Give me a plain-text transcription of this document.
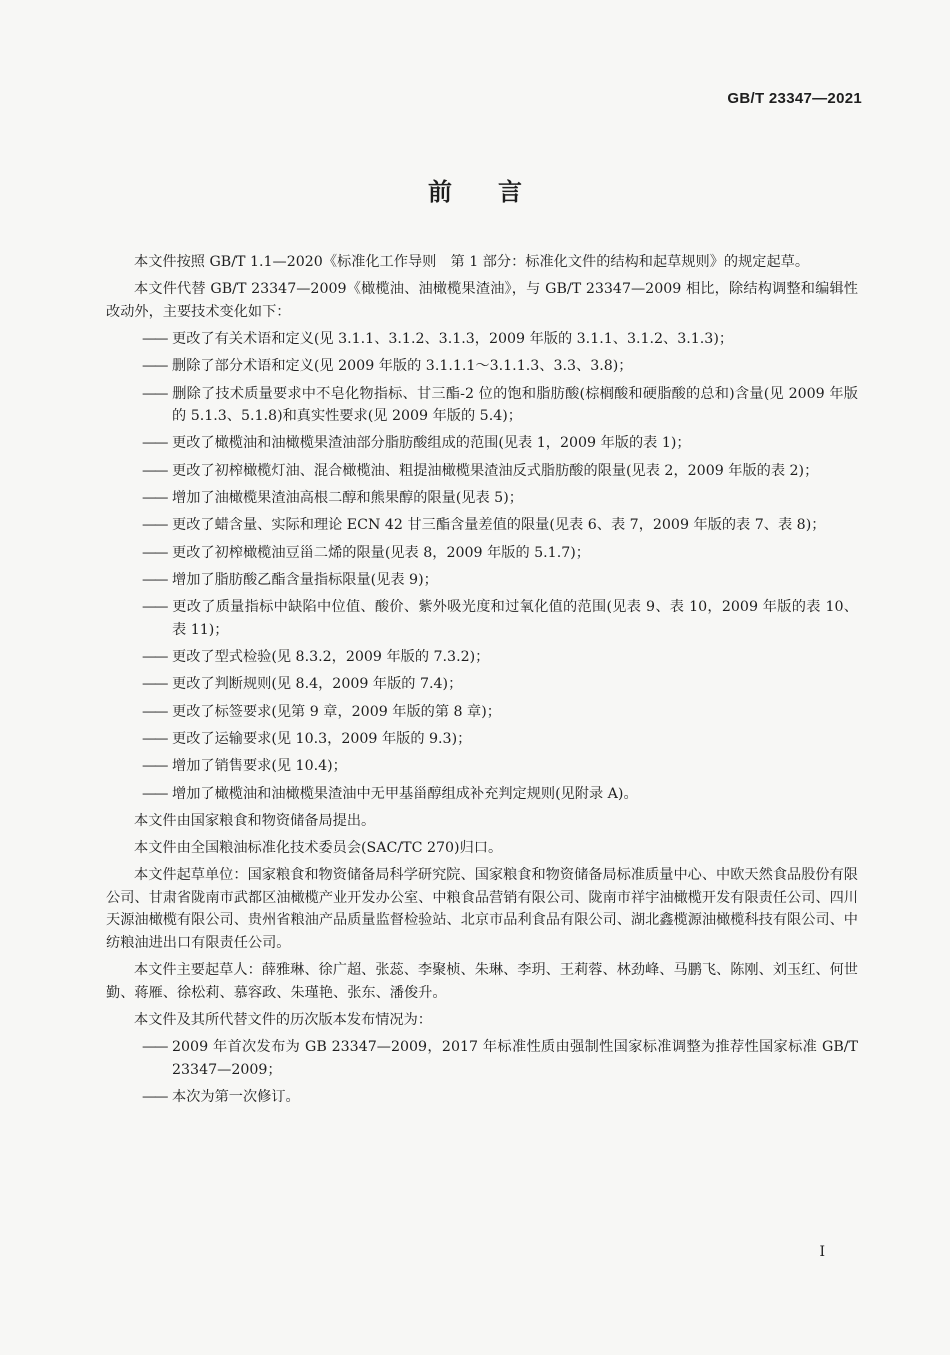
GB/T 23347—2021
前言

本文件按照 GB/T 1.1—2020《标准化工作导则　第 1 部分：标准化文件的结构和起草规则》的规定起草。

本文件代替 GB/T 23347—2009《橄榄油、油橄榄果渣油》，与 GB/T 23347—2009 相比，除结构调整和编辑性改动外，主要技术变化如下：

—— 更改了有关术语和定义(见 3.1.1、3.1.2、3.1.3，2009 年版的 3.1.1、3.1.2、3.1.3)；
—— 删除了部分术语和定义(见 2009 年版的 3.1.1.1～3.1.1.3、3.3、3.8)；
—— 删除了技术质量要求中不皂化物指标、甘三酯-2 位的饱和脂肪酸(棕榈酸和硬脂酸的总和)含量(见 2009 年版的 5.1.3、5.1.8)和真实性要求(见 2009 年版的 5.4)；
—— 更改了橄榄油和油橄榄果渣油部分脂肪酸组成的范围(见表 1，2009 年版的表 1)；
—— 更改了初榨橄榄灯油、混合橄榄油、粗提油橄榄果渣油反式脂肪酸的限量(见表 2，2009 年版的表 2)；
—— 增加了油橄榄果渣油高根二醇和熊果醇的限量(见表 5)；
—— 更改了蜡含量、实际和理论 ECN 42 甘三酯含量差值的限量(见表 6、表 7，2009 年版的表 7、表 8)；
—— 更改了初榨橄榄油豆甾二烯的限量(见表 8，2009 年版的 5.1.7)；
—— 增加了脂肪酸乙酯含量指标限量(见表 9)；
—— 更改了质量指标中缺陷中位值、酸价、紫外吸光度和过氧化值的范围(见表 9、表 10，2009 年版的表 10、表 11)；
—— 更改了型式检验(见 8.3.2，2009 年版的 7.3.2)；
—— 更改了判断规则(见 8.4，2009 年版的 7.4)；
—— 更改了标签要求(见第 9 章，2009 年版的第 8 章)；
—— 更改了运输要求(见 10.3，2009 年版的 9.3)；
—— 增加了销售要求(见 10.4)；
—— 增加了橄榄油和油橄榄果渣油中无甲基甾醇组成补充判定规则(见附录 A)。

本文件由国家粮食和物资储备局提出。

本文件由全国粮油标准化技术委员会(SAC/TC 270)归口。

本文件起草单位：国家粮食和物资储备局科学研究院、国家粮食和物资储备局标准质量中心、中欧天然食品股份有限公司、甘肃省陇南市武都区油橄榄产业开发办公室、中粮食品营销有限公司、陇南市祥宇油橄榄开发有限责任公司、四川天源油橄榄有限公司、贵州省粮油产品质量监督检验站、北京市品利食品有限公司、湖北鑫榄源油橄榄科技有限公司、中纺粮油进出口有限责任公司。

本文件主要起草人：薛雅琳、徐广超、张蕊、李聚桢、朱琳、李玥、王莉蓉、林劲峰、马鹏飞、陈刚、刘玉红、何世勤、蒋雁、徐松莉、慕容政、朱瑾艳、张东、潘俊升。

本文件及其所代替文件的历次版本发布情况为：

—— 2009 年首次发布为 GB 23347—2009，2017 年标准性质由强制性国家标准调整为推荐性国家标准 GB/T 23347—2009；
—— 本次为第一次修订。
I
